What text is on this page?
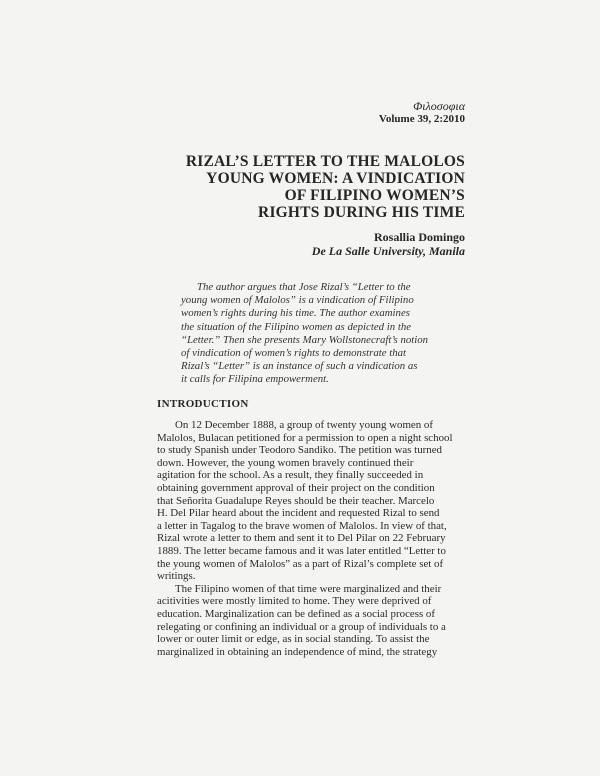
Φιλοσοφια
Volume 39, 2:2010
RIZAL’S LETTER TO THE MALOLOS
YOUNG WOMEN: A VINDICATION
OF FILIPINO WOMEN’S
RIGHTS DURING HIS TIME
Rosallia Domingo
De La Salle University, Manila
The author argues that Jose Rizal’s “Letter to the
young women of Malolos” is a vindication of Filipino
women’s rights during his time. The author examines
the situation of the Filipino women as depicted in the
“Letter.” Then she presents Mary Wollstonecraft’s notion
of vindication of women’s rights to demonstrate that
Rizal’s “Letter” is an instance of such a vindication as
it calls for Filipina empowerment.
INTRODUCTION
On 12 December 1888, a group of twenty young women of
Malolos, Bulacan petitioned for a permission to open a night school
to study Spanish under Teodoro Sandiko. The petition was turned
down. However, the young women bravely continued their
agitation for the school. As a result, they finally succeeded in
obtaining government approval of their project on the condition
that Señorita Guadalupe Reyes should be their teacher. Marcelo
H. Del Pilar heard about the incident and requested Rizal to send
a letter in Tagalog to the brave women of Malolos. In view of that,
Rizal wrote a letter to them and sent it to Del Pilar on 22 February
1889. The letter became famous and it was later entitled “Letter to
the young women of Malolos” as a part of Rizal’s complete set of
writings.
The Filipino women of that time were marginalized and their
acitivities were mostly limited to home. They were deprived of
education. Marginalization can be defined as a social process of
relegating or confining an individual or a group of individuals to a
lower or outer limit or edge, as in social standing. To assist the
marginalized in obtaining an independence of mind, the strategy
